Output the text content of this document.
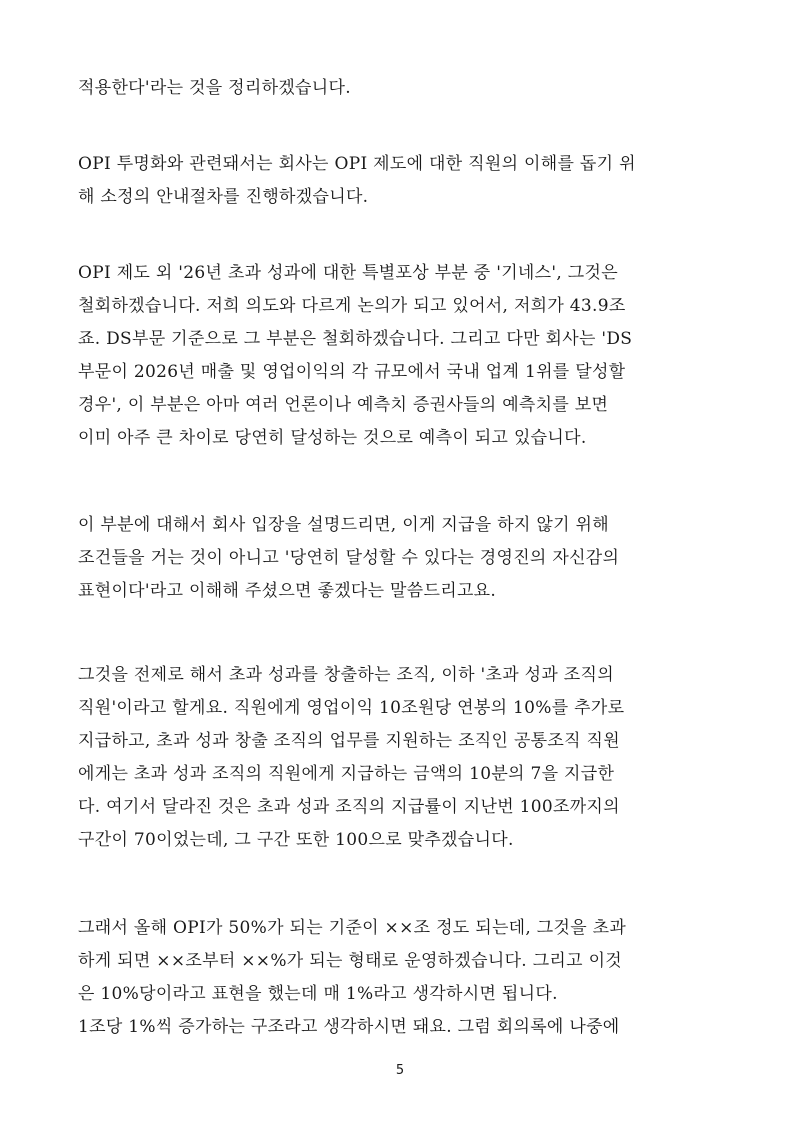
적용한다'라는 것을 정리하겠습니다.
OPI 투명화와 관련돼서는 회사는 OPI 제도에 대한 직원의 이해를 돕기 위
해 소정의 안내절차를 진행하겠습니다.
OPI 제도 외 '26년 초과 성과에 대한 특별포상 부분 중 '기네스', 그것은
철회하겠습니다. 저희 의도와 다르게 논의가 되고 있어서, 저희가 43.9조
죠. DS부문 기준으로 그 부분은 철회하겠습니다. 그리고 다만 회사는 'DS
부문이 2026년 매출 및 영업이익의 각 규모에서 국내 업계 1위를 달성할
경우', 이 부분은 아마 여러 언론이나 예측치 증권사들의 예측치를 보면
이미 아주 큰 차이로 당연히 달성하는 것으로 예측이 되고 있습니다.
이 부분에 대해서 회사 입장을 설명드리면, 이게 지급을 하지 않기 위해
조건들을 거는 것이 아니고 '당연히 달성할 수 있다는 경영진의 자신감의
표현이다'라고 이해해 주셨으면 좋겠다는 말씀드리고요.
그것을 전제로 해서 초과 성과를 창출하는 조직, 이하 '초과 성과 조직의
직원'이라고 할게요. 직원에게 영업이익 10조원당 연봉의 10%를 추가로
지급하고, 초과 성과 창출 조직의 업무를 지원하는 조직인 공통조직 직원
에게는 초과 성과 조직의 직원에게 지급하는 금액의 10분의 7을 지급한
다. 여기서 달라진 것은 초과 성과 조직의 지급률이 지난번 100조까지의
구간이 70이었는데, 그 구간 또한 100으로 맞추겠습니다.
그래서 올해 OPI가 50%가 되는 기준이 ××조 정도 되는데, 그것을 초과
하게 되면 ××조부터 ××%가 되는 형태로 운영하겠습니다. 그리고 이것
은 10%당이라고 표현을 했는데 매 1%라고 생각하시면 됩니다.
1조당 1%씩 증가하는 구조라고 생각하시면 돼요. 그럼 회의록에 나중에
5
